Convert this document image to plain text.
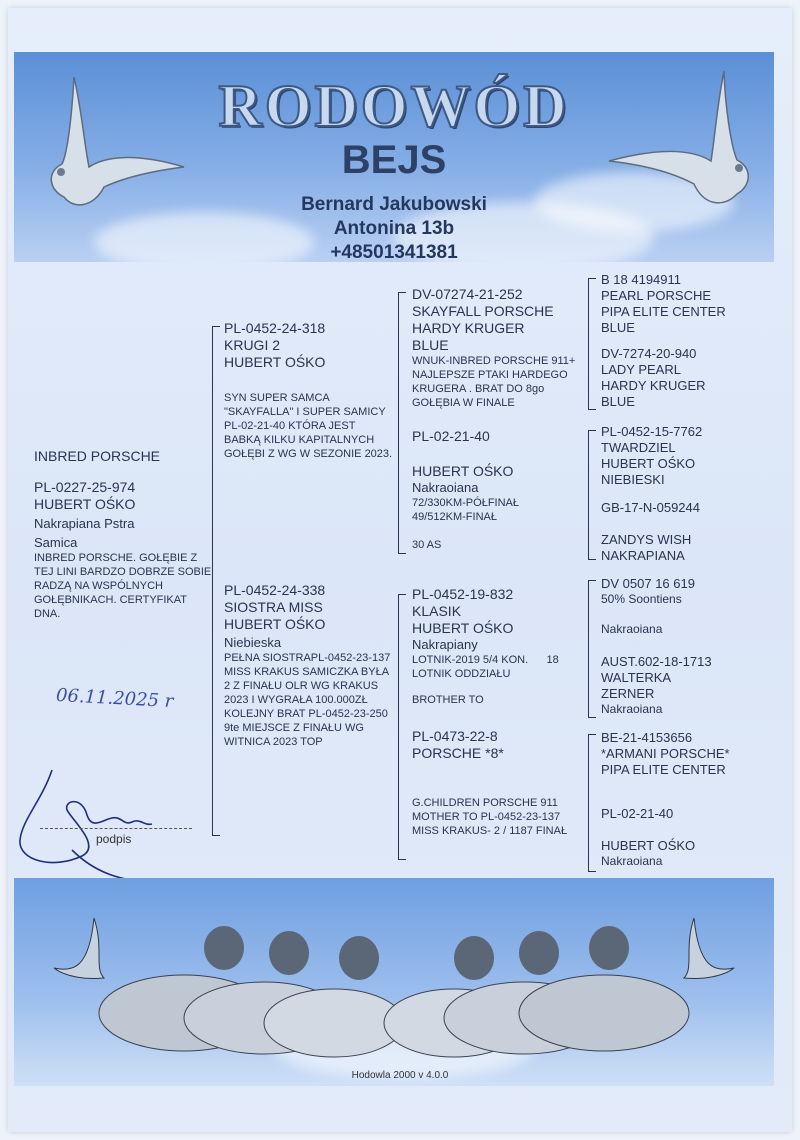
RODOWÓD
BEJS
Bernard Jakubowski
Antonina 13b
+48501341381
INBRED PORSCHE
PL-0227-25-974
HUBERT OŚKO
Nakrapiana Pstra
Samica
INBRED PORSCHE. GOŁĘBIE Z TEJ LINI BARDZO DOBRZE SOBIE RADZĄ NA WSPÓLNYCH GOŁĘBNIKACH. CERTYFIKAT DNA.
PL-0452-24-318
KRUGI 2
HUBERT OŚKO
SYN SUPER SAMCA "SKAYFALLA" I SUPER SAMICY PL-02-21-40 KTÓRA JEST BABKĄ KILKU KAPITALNYCH GOŁĘBI Z WG W SEZONIE 2023.
PL-0452-24-338
SIOSTRA MISS
HUBERT OŚKO
Niebieska
PEŁNA SIOSTRAPL-0452-23-137 MISS KRAKUS SAMICZKA BYŁA 2 Z FINAŁU OLR WG KRAKUS 2023 I WYGRAŁA 100.000ZŁ KOLEJNY BRAT PL-0452-23-250 9te MIEJSCE Z FINAŁU WG WITNICA 2023 TOP
DV-07274-21-252
SKAYFALL PORSCHE
HARDY KRUGER
BLUE
WNUK-INBRED PORSCHE 911+ NAJLEPSZE PTAKI HARDEGO KRUGERA . BRAT DO 8go GOŁĘBIA W FINALE
PL-02-21-40
HUBERT OŚKO
Nakraoiana
72/330KM-PÓŁFINAŁ
49/512KM-FINAŁ
30 AS
PL-0452-19-832
KLASIK
HUBERT OŚKO
Nakrapiany
LOTNIK-2019 5/4 KON.      18
LOTNIK ODDZIAŁU
BROTHER TO
PL-0473-22-8
PORSCHE *8*
G.CHILDREN PORSCHE 911 MOTHER TO PL-0452-23-137 MISS KRAKUS- 2 / 1187 FINAŁ
B 18 4194911
PEARL PORSCHE
PIPA ELITE CENTER
BLUE
DV-7274-20-940
LADY PEARL
HARDY KRUGER
BLUE
PL-0452-15-7762
TWARDZIEL
HUBERT OŚKO
NIEBIESKI
GB-17-N-059244
ZANDYS WISH
NAKRAPIANA
DV 0507 16 619
50% Soontiens
Nakraoiana
AUST.602-18-1713
WALTERKA
ZERNER
Nakraoiana
BE-21-4153656
*ARMANI PORSCHE*
PIPA ELITE CENTER
PL-02-21-40
HUBERT OŚKO
Nakraoiana
06.11.2025 r
podpis
Hodowla 2000 v 4.0.0
